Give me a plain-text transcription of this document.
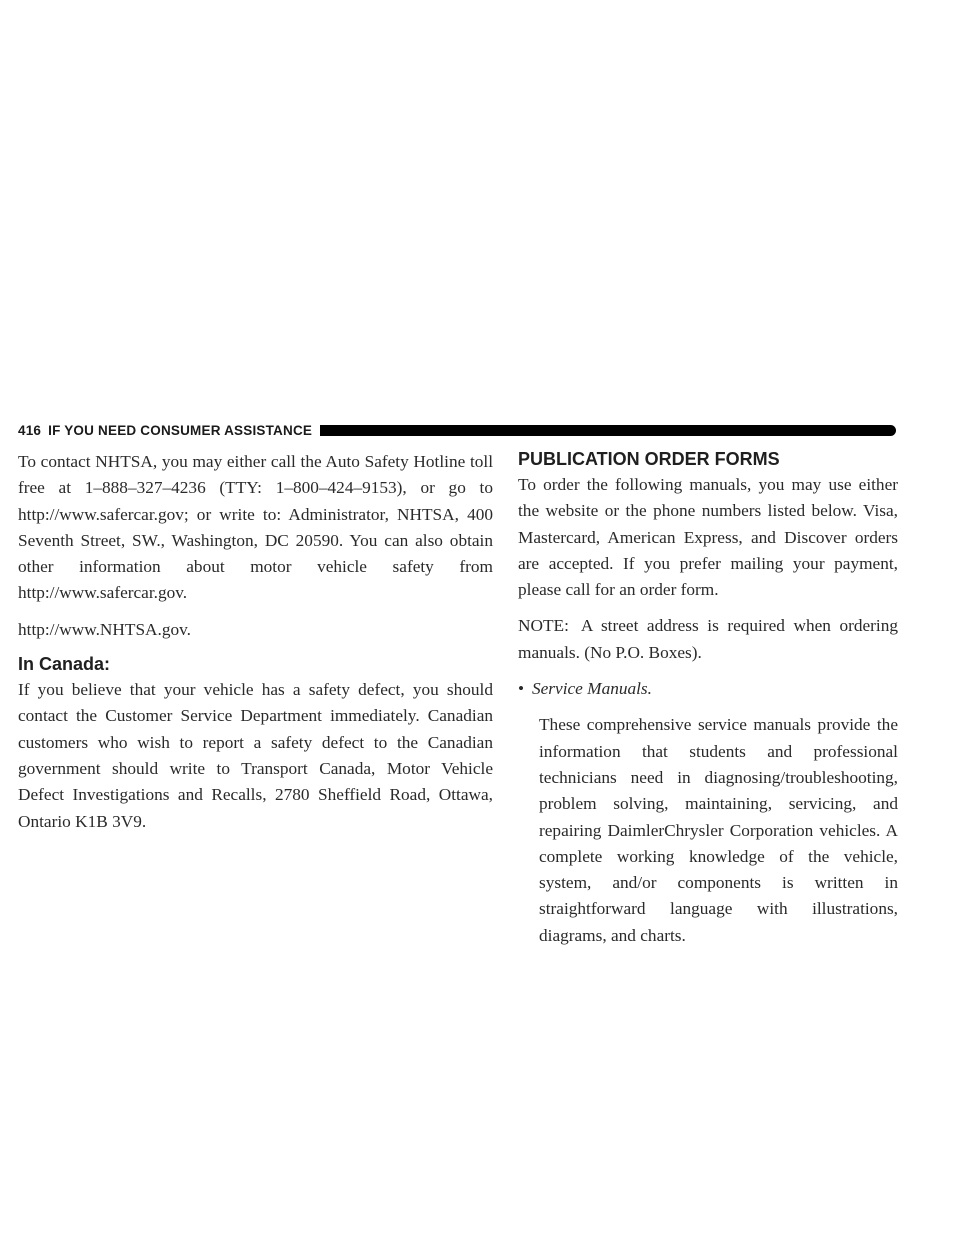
416 IF YOU NEED CONSUMER ASSISTANCE

To contact NHTSA, you may either call the Auto Safety Hotline toll free at 1–888–327–4236 (TTY: 1–800–424–9153), or go to http://www.safercar.gov; or write to: Administrator, NHTSA, 400 Seventh Street, SW., Washington, DC 20590. You can also obtain other information about motor vehicle safety from http://www.safercar.gov.

http://www.NHTSA.gov.

In Canada:

If you believe that your vehicle has a safety defect, you should contact the Customer Service Department immediately. Canadian customers who wish to report a safety defect to the Canadian government should write to Transport Canada, Motor Vehicle Defect Investigations and Recalls, 2780 Sheffield Road, Ottawa, Ontario K1B 3V9.

PUBLICATION ORDER FORMS

To order the following manuals, you may use either the website or the phone numbers listed below. Visa, Mastercard, American Express, and Discover orders are accepted. If you prefer mailing your payment, please call for an order form.

NOTE: A street address is required when ordering manuals. (No P.O. Boxes).

• Service Manuals.

These comprehensive service manuals provide the information that students and professional technicians need in diagnosing/troubleshooting, problem solving, maintaining, servicing, and repairing DaimlerChrysler Corporation vehicles. A complete working knowledge of the vehicle, system, and/or components is written in straightforward language with illustrations, diagrams, and charts.
